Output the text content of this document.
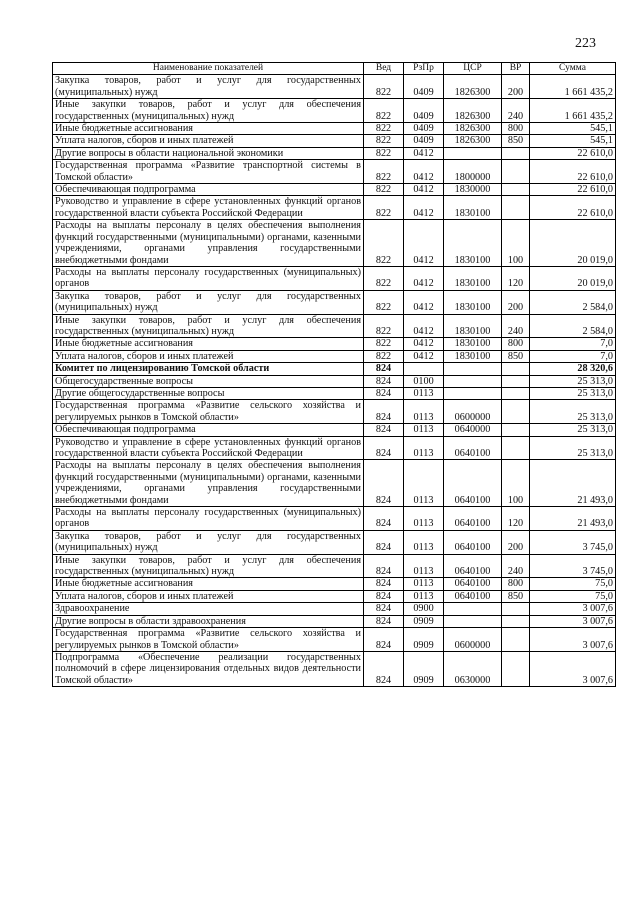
223
Наименование показателей	Вед	РзПр	ЦСР	ВР	Сумма
Закупка товаров, работ и услуг для государственных (муниципальных) нужд	822	0409	1826300	200	1 661 435,2
Иные закупки товаров, работ и услуг для обеспечения государственных (муниципальных) нужд	822	0409	1826300	240	1 661 435,2
Иные бюджетные ассигнования	822	0409	1826300	800	545,1
Уплата налогов, сборов и иных платежей	822	0409	1826300	850	545,1
Другие вопросы в области национальной экономики	822	0412			22 610,0
Государственная программа «Развитие транспортной системы в Томской области»	822	0412	1800000		22 610,0
Обеспечивающая подпрограмма	822	0412	1830000		22 610,0
Руководство и управление в сфере установленных функций органов государственной власти субъекта Российской Федерации	822	0412	1830100		22 610,0
Расходы на выплаты персоналу в целях обеспечения выполнения функций государственными (муниципальными) органами, казенными учреждениями, органами управления государственными внебюджетными фондами	822	0412	1830100	100	20 019,0
Расходы на выплаты персоналу государственных (муниципальных) органов	822	0412	1830100	120	20 019,0
Закупка товаров, работ и услуг для государственных (муниципальных) нужд	822	0412	1830100	200	2 584,0
Иные закупки товаров, работ и услуг для обеспечения государственных (муниципальных) нужд	822	0412	1830100	240	2 584,0
Иные бюджетные ассигнования	822	0412	1830100	800	7,0
Уплата налогов, сборов и иных платежей	822	0412	1830100	850	7,0
Комитет по лицензированию Томской области	824				28 320,6
Общегосударственные вопросы	824	0100			25 313,0
Другие общегосударственные вопросы	824	0113			25 313,0
Государственная программа «Развитие сельского хозяйства и регулируемых рынков в Томской области»	824	0113	0600000		25 313,0
Обеспечивающая подпрограмма	824	0113	0640000		25 313,0
Руководство и управление в сфере установленных функций органов государственной власти субъекта Российской Федерации	824	0113	0640100		25 313,0
Расходы на выплаты персоналу в целях обеспечения выполнения функций государственными (муниципальными) органами, казенными учреждениями, органами управления государственными внебюджетными фондами	824	0113	0640100	100	21 493,0
Расходы на выплаты персоналу государственных (муниципальных) органов	824	0113	0640100	120	21 493,0
Закупка товаров, работ и услуг для государственных (муниципальных) нужд	824	0113	0640100	200	3 745,0
Иные закупки товаров, работ и услуг для обеспечения государственных (муниципальных) нужд	824	0113	0640100	240	3 745,0
Иные бюджетные ассигнования	824	0113	0640100	800	75,0
Уплата налогов, сборов и иных платежей	824	0113	0640100	850	75,0
Здравоохранение	824	0900			3 007,6
Другие вопросы в области здравоохранения	824	0909			3 007,6
Государственная программа «Развитие сельского хозяйства и регулируемых рынков в Томской области»	824	0909	0600000		3 007,6
Подпрограмма «Обеспечение реализации государственных полномочий в сфере лицензирования отдельных видов деятельности Томской области»	824	0909	0630000		3 007,6
